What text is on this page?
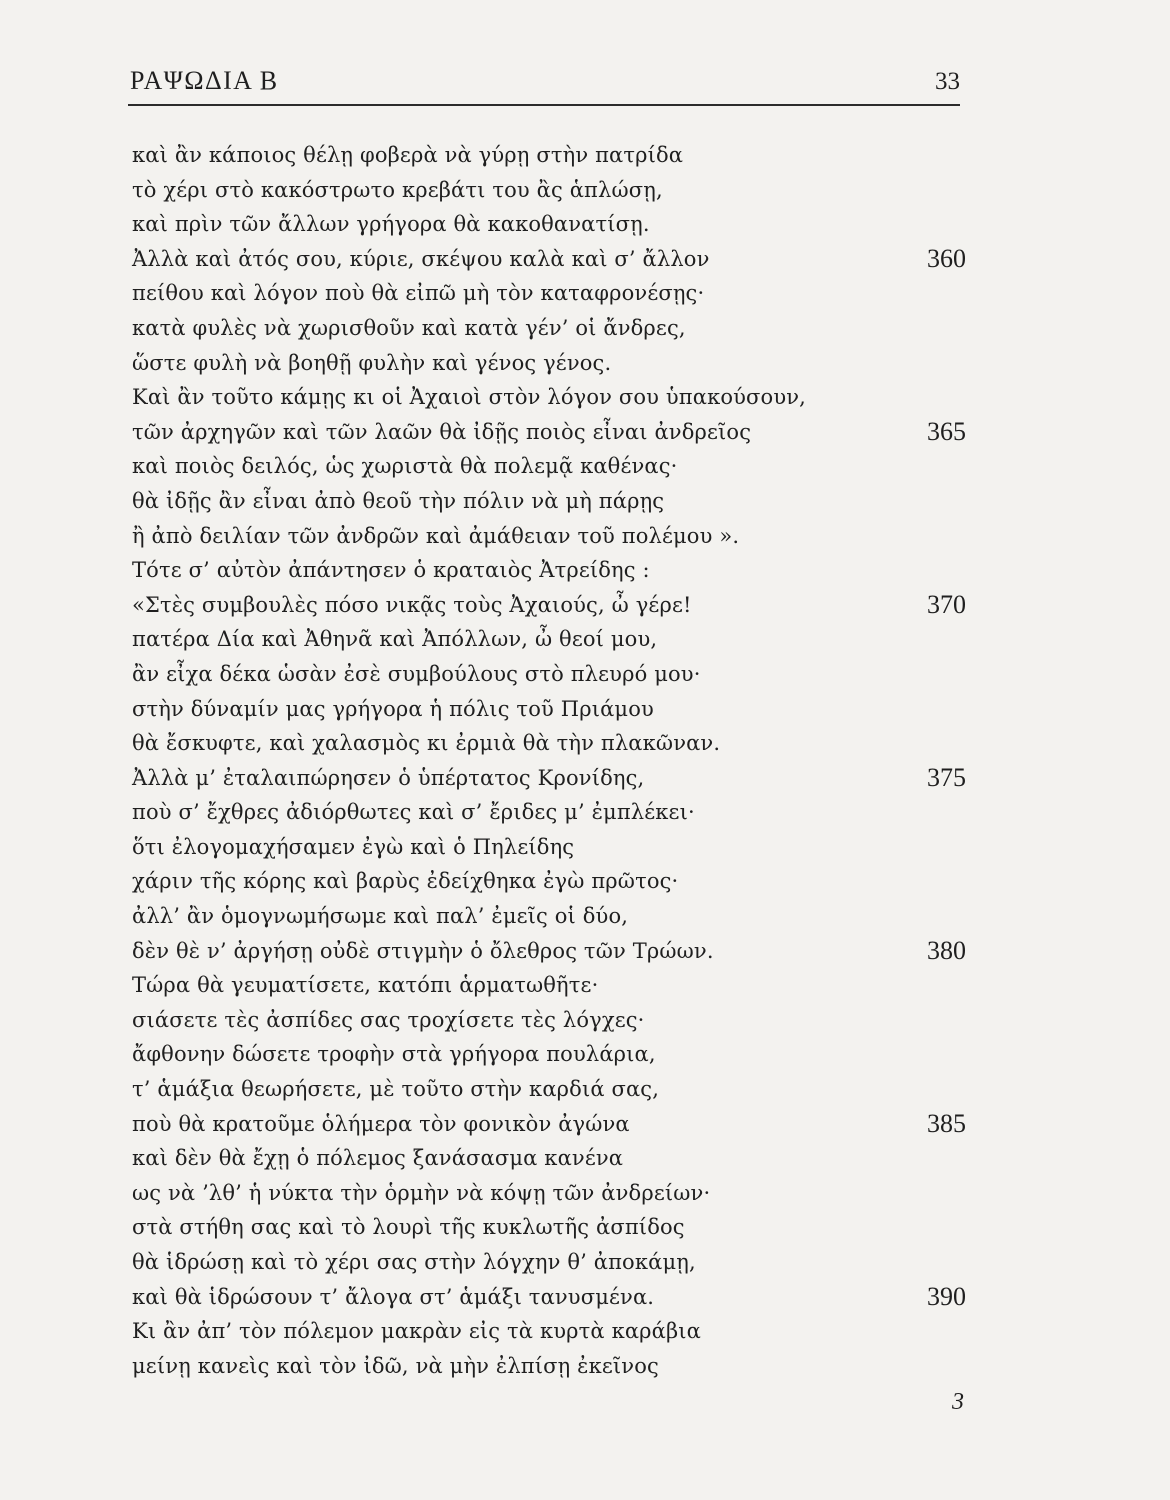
ΡΑΨΩΔΙΑ Β	33
καὶ ἂν κάποιος θέλῃ φοβερὰ νὰ γύρῃ στὴν πατρίδα
τὸ χέρι στὸ κακόστρωτο κρεβάτι του ἂς ἁπλώσῃ,
καὶ πρὶν τῶν ἄλλων γρήγορα θὰ κακοθανατίσῃ.
Ἀλλὰ καὶ ἀτός σου, κύριε, σκέψου καλὰ καὶ σ’ ἄλλον	360
πείθου καὶ λόγον ποὺ θὰ εἰπῶ μὴ τὸν καταφρονέσῃς·
κατὰ φυλὲς νὰ χωρισθοῦν καὶ κατὰ γέν’ οἱ ἄνδρες,
ὥστε φυλὴ νὰ βοηθῇ φυλὴν καὶ γένος γένος.
Καὶ ἂν τοῦτο κάμῃς κι οἱ Ἀχαιοὶ στὸν λόγον σου ὑπακούσουν,
τῶν ἀρχηγῶν καὶ τῶν λαῶν θὰ ἰδῇς ποιὸς εἶναι ἀνδρεῖος	365
καὶ ποιὸς δειλός, ὡς χωριστὰ θὰ πολεμᾷ καθένας·
θὰ ἰδῇς ἂν εἶναι ἀπὸ θεοῦ τὴν πόλιν νὰ μὴ πάρῃς
ἢ ἀπὸ δειλίαν τῶν ἀνδρῶν καὶ ἀμάθειαν τοῦ πολέμου ».
Τότε σ’ αὐτὸν ἀπάντησεν ὁ κραταιὸς Ἀτρείδης :
«Στὲς συμβουλὲς πόσο νικᾷς τοὺς Ἀχαιούς, ὦ γέρε!	370
πατέρα Δία καὶ Ἀθηνᾶ καὶ Ἀπόλλων, ὦ θεοί μου,
ἂν εἶχα δέκα ὡσὰν ἐσὲ συμβούλους στὸ πλευρό μου·
στὴν δύναμίν μας γρήγορα ἡ πόλις τοῦ Πριάμου
θὰ ἔσκυφτε, καὶ χαλασμὸς κι ἐρμιὰ θὰ τὴν πλακῶναν.
Ἀλλὰ μ’ ἐταλαιπώρησεν ὁ ὑπέρτατος Κρονίδης,	375
ποὺ σ’ ἔχθρες ἀδιόρθωτες καὶ σ’ ἔριδες μ’ ἐμπλέκει·
ὅτι ἐλογομαχήσαμεν ἐγὼ καὶ ὁ Πηλείδης
χάριν τῆς κόρης καὶ βαρὺς ἐδείχθηκα ἐγὼ πρῶτος·
ἀλλ’ ἂν ὁμογνωμήσωμε καὶ παλ’ ἐμεῖς οἱ δύο,
δὲν θὲ ν’ ἀργήσῃ οὐδὲ στιγμὴν ὁ ὄλεθρος τῶν Τρώων.	380
Τώρα θὰ γευματίσετε, κατόπι ἁρματωθῆτε·
σιάσετε τὲς ἀσπίδες σας τροχίσετε τὲς λόγχες·
ἄφθονην δώσετε τροφὴν στὰ γρήγορα πουλάρια,
τ’ ἁμάξια θεωρήσετε, μὲ τοῦτο στὴν καρδιά σας,
ποὺ θὰ κρατοῦμε ὁλήμερα τὸν φονικὸν ἀγώνα	385
καὶ δὲν θὰ ἔχῃ ὁ πόλεμος ξανάσασμα κανένα
ως νὰ ’λθ’ ἡ νύκτα τὴν ὁρμὴν νὰ κόψῃ τῶν ἀνδρείων·
στὰ στήθη σας καὶ τὸ λουρὶ τῆς κυκλωτῆς ἀσπίδος
θὰ ἱδρώσῃ καὶ τὸ χέρι σας στὴν λόγχην θ’ ἀποκάμῃ,
καὶ θὰ ἱδρώσουν τ’ ἄλογα στ’ ἁμάξι τανυσμένα.	390
Κι ἂν ἀπ’ τὸν πόλεμον μακρὰν εἰς τὰ κυρτὰ καράβια
μείνῃ κανεὶς καὶ τὸν ἰδῶ, νὰ μὴν ἐλπίσῃ ἐκεῖνος
3
